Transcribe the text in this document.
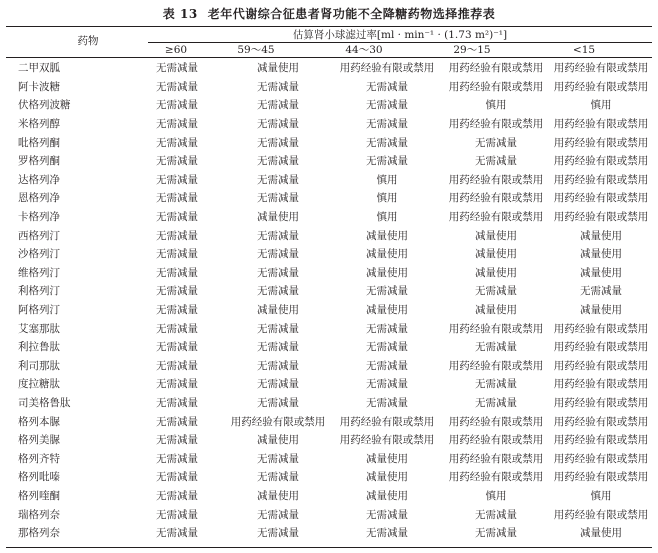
表 13 老年代谢综合征患者肾功能不全降糖药物选择推荐表
药物	估算肾小球滤过率[ml · min⁻¹ · (1.73 m²)⁻¹]
≥60	59～45	44～30	29～15	<15
二甲双胍	无需减量	减量使用	用药经验有限或禁用	用药经验有限或禁用	用药经验有限或禁用
阿卡波糖	无需减量	无需减量	无需减量	用药经验有限或禁用	用药经验有限或禁用
伏格列波糖	无需减量	无需减量	无需减量	慎用	慎用
米格列醇	无需减量	无需减量	无需减量	用药经验有限或禁用	用药经验有限或禁用
吡格列酮	无需减量	无需减量	无需减量	无需减量	用药经验有限或禁用
罗格列酮	无需减量	无需减量	无需减量	无需减量	用药经验有限或禁用
达格列净	无需减量	无需减量	慎用	用药经验有限或禁用	用药经验有限或禁用
恩格列净	无需减量	无需减量	慎用	用药经验有限或禁用	用药经验有限或禁用
卡格列净	无需减量	减量使用	慎用	用药经验有限或禁用	用药经验有限或禁用
西格列汀	无需减量	无需减量	减量使用	减量使用	减量使用
沙格列汀	无需减量	无需减量	减量使用	减量使用	减量使用
维格列汀	无需减量	无需减量	减量使用	减量使用	减量使用
利格列汀	无需减量	无需减量	无需减量	无需减量	无需减量
阿格列汀	无需减量	减量使用	减量使用	减量使用	减量使用
艾塞那肽	无需减量	无需减量	无需减量	用药经验有限或禁用	用药经验有限或禁用
利拉鲁肽	无需减量	无需减量	无需减量	无需减量	用药经验有限或禁用
利司那肽	无需减量	无需减量	无需减量	用药经验有限或禁用	用药经验有限或禁用
度拉糖肽	无需减量	无需减量	无需减量	无需减量	用药经验有限或禁用
司美格鲁肽	无需减量	无需减量	无需减量	无需减量	用药经验有限或禁用
格列本脲	无需减量	用药经验有限或禁用	用药经验有限或禁用	用药经验有限或禁用	用药经验有限或禁用
格列美脲	无需减量	减量使用	用药经验有限或禁用	用药经验有限或禁用	用药经验有限或禁用
格列齐特	无需减量	无需减量	减量使用	用药经验有限或禁用	用药经验有限或禁用
格列吡嗪	无需减量	无需减量	减量使用	用药经验有限或禁用	用药经验有限或禁用
格列喹酮	无需减量	减量使用	减量使用	慎用	慎用
瑞格列奈	无需减量	无需减量	无需减量	无需减量	用药经验有限或禁用
那格列奈	无需减量	无需减量	无需减量	无需减量	减量使用
